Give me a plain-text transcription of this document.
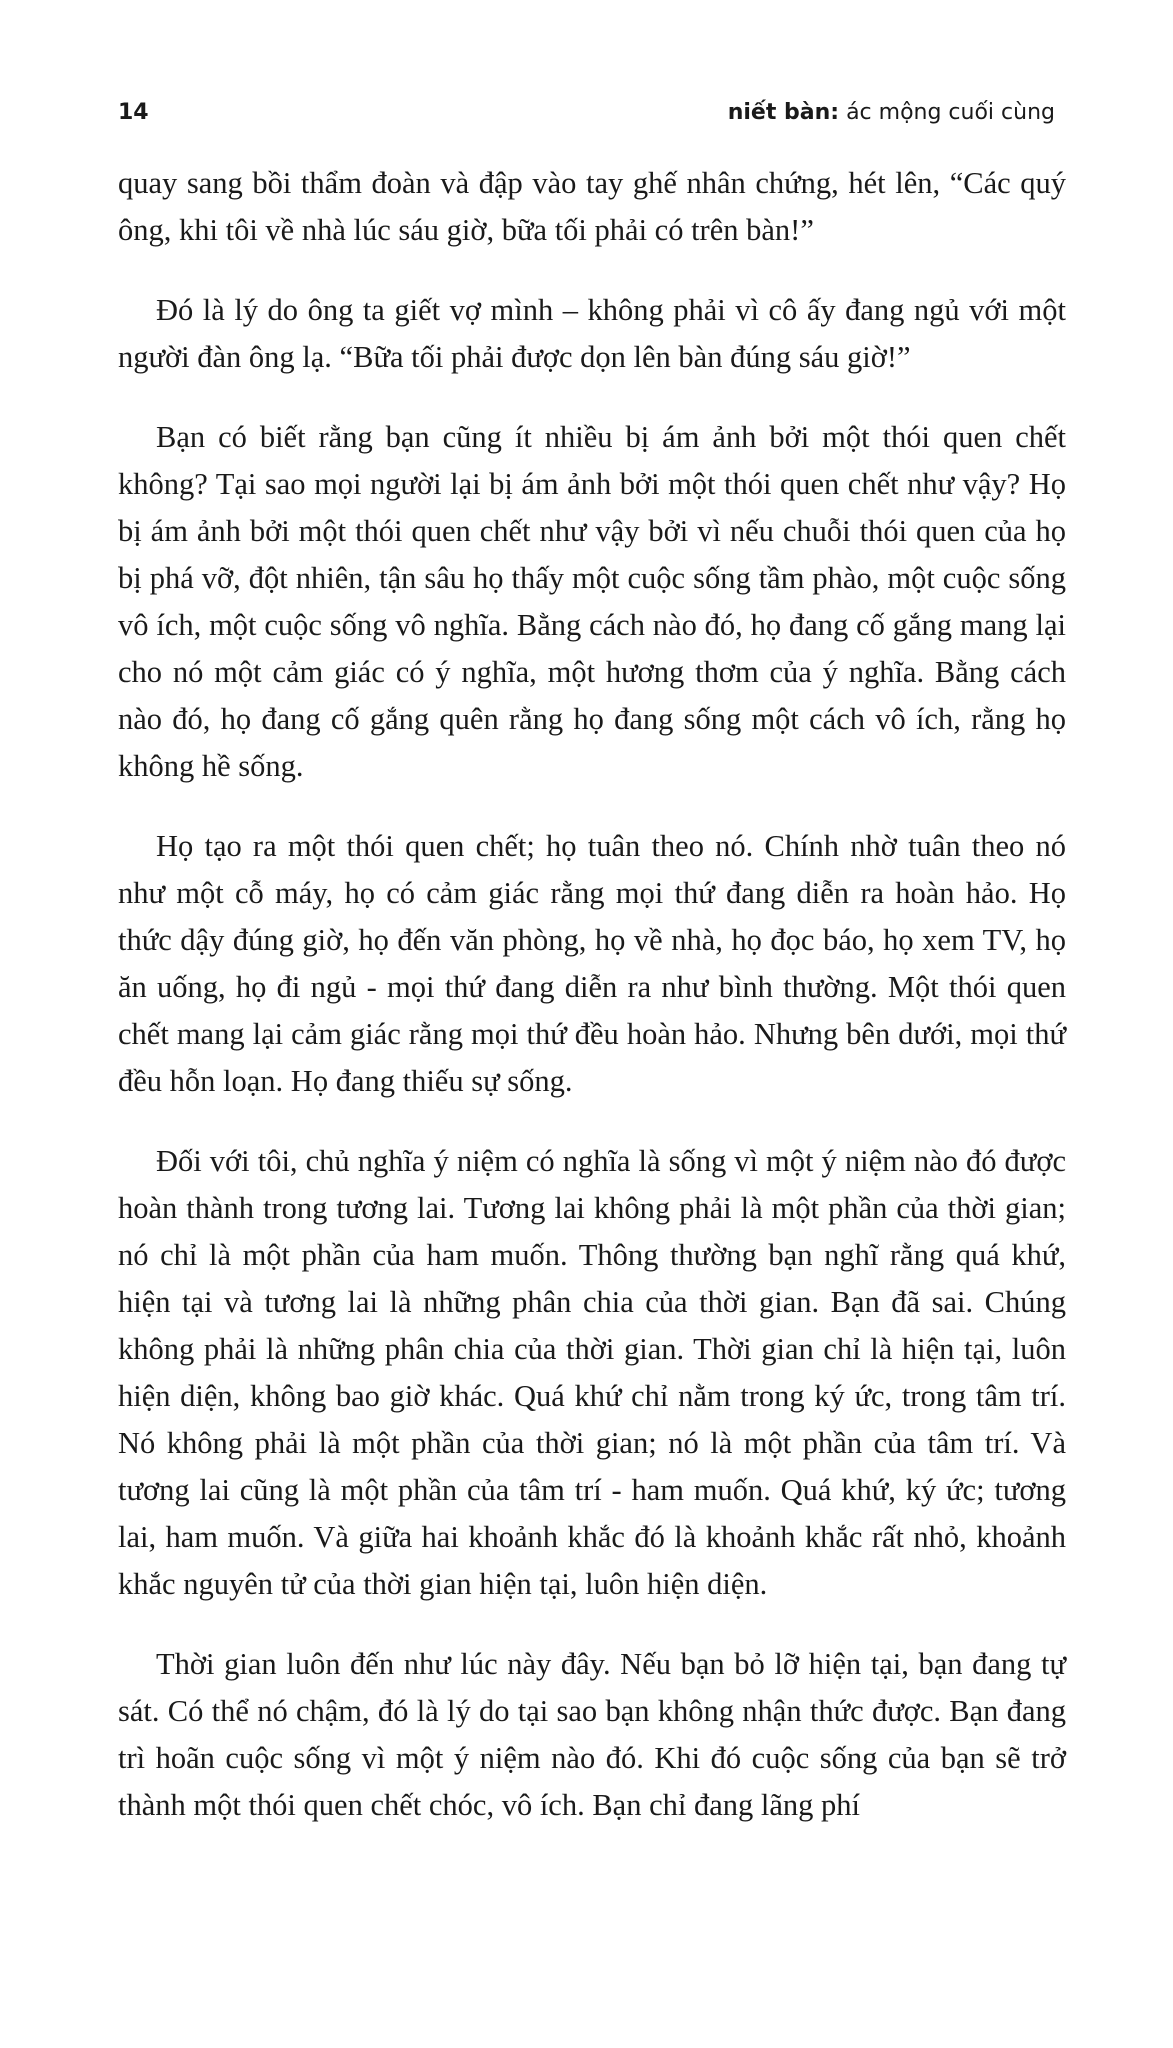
14	niết bàn: ác mộng cuối cùng

quay sang bồi thẩm đoàn và đập vào tay ghế nhân chứng, hét lên, “Các quý ông, khi tôi về nhà lúc sáu giờ, bữa tối phải có trên bàn!”

Đó là lý do ông ta giết vợ mình – không phải vì cô ấy đang ngủ với một người đàn ông lạ. “Bữa tối phải được dọn lên bàn đúng sáu giờ!”

Bạn có biết rằng bạn cũng ít nhiều bị ám ảnh bởi một thói quen chết không? Tại sao mọi người lại bị ám ảnh bởi một thói quen chết như vậy? Họ bị ám ảnh bởi một thói quen chết như vậy bởi vì nếu chuỗi thói quen của họ bị phá vỡ, đột nhiên, tận sâu họ thấy một cuộc sống tầm phào, một cuộc sống vô ích, một cuộc sống vô nghĩa. Bằng cách nào đó, họ đang cố gắng mang lại cho nó một cảm giác có ý nghĩa, một hương thơm của ý nghĩa. Bằng cách nào đó, họ đang cố gắng quên rằng họ đang sống một cách vô ích, rằng họ không hề sống.

Họ tạo ra một thói quen chết; họ tuân theo nó. Chính nhờ tuân theo nó như một cỗ máy, họ có cảm giác rằng mọi thứ đang diễn ra hoàn hảo. Họ thức dậy đúng giờ, họ đến văn phòng, họ về nhà, họ đọc báo, họ xem TV, họ ăn uống, họ đi ngủ - mọi thứ đang diễn ra như bình thường. Một thói quen chết mang lại cảm giác rằng mọi thứ đều hoàn hảo. Nhưng bên dưới, mọi thứ đều hỗn loạn. Họ đang thiếu sự sống.

Đối với tôi, chủ nghĩa ý niệm có nghĩa là sống vì một ý niệm nào đó được hoàn thành trong tương lai. Tương lai không phải là một phần của thời gian; nó chỉ là một phần của ham muốn. Thông thường bạn nghĩ rằng quá khứ, hiện tại và tương lai là những phân chia của thời gian. Bạn đã sai. Chúng không phải là những phân chia của thời gian. Thời gian chỉ là hiện tại, luôn hiện diện, không bao giờ khác. Quá khứ chỉ nằm trong ký ức, trong tâm trí. Nó không phải là một phần của thời gian; nó là một phần của tâm trí. Và tương lai cũng là một phần của tâm trí - ham muốn. Quá khứ, ký ức; tương lai, ham muốn. Và giữa hai khoảnh khắc đó là khoảnh khắc rất nhỏ, khoảnh khắc nguyên tử của thời gian hiện tại, luôn hiện diện.

Thời gian luôn đến như lúc này đây. Nếu bạn bỏ lỡ hiện tại, bạn đang tự sát. Có thể nó chậm, đó là lý do tại sao bạn không nhận thức được. Bạn đang trì hoãn cuộc sống vì một ý niệm nào đó. Khi đó cuộc sống của bạn sẽ trở thành một thói quen chết chóc, vô ích. Bạn chỉ đang lãng phí
